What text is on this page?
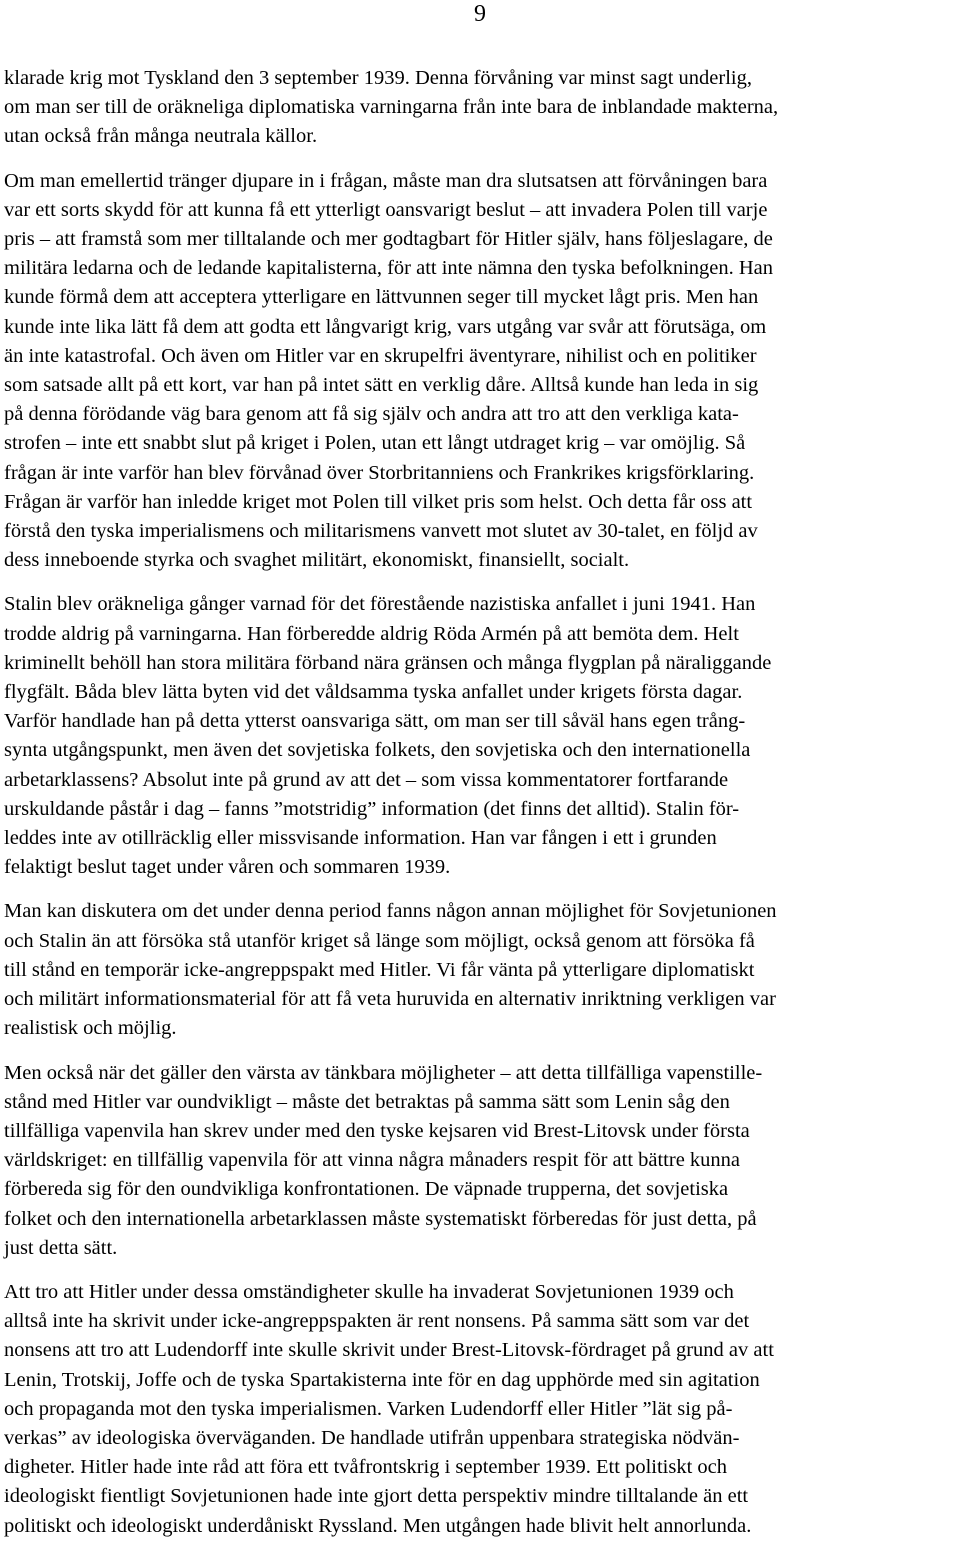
9

klarade krig mot Tyskland den 3 september 1939. Denna förvåning var minst sagt underlig,
om man ser till de oräkneliga diplomatiska varningarna från inte bara de inblandade makterna,
utan också från många neutrala källor.

Om man emellertid tränger djupare in i frågan, måste man dra slutsatsen att förvåningen bara
var ett sorts skydd för att kunna få ett ytterligt oansvarigt beslut – att invadera Polen till varje
pris – att framstå som mer tilltalande och mer godtagbart för Hitler själv, hans följeslagare, de
militära ledarna och de ledande kapitalisterna, för att inte nämna den tyska befolkningen. Han
kunde förmå dem att acceptera ytterligare en lättvunnen seger till mycket lågt pris. Men han
kunde inte lika lätt få dem att godta ett långvarigt krig, vars utgång var svår att förutsäga, om
än inte katastrofal. Och även om Hitler var en skrupelfri äventyrare, nihilist och en politiker
som satsade allt på ett kort, var han på intet sätt en verklig dåre. Alltså kunde han leda in sig
på denna förödande väg bara genom att få sig själv och andra att tro att den verkliga kata-
strofen – inte ett snabbt slut på kriget i Polen, utan ett långt utdraget krig – var omöjlig. Så
frågan är inte varför han blev förvånad över Storbritanniens och Frankrikes krigsförklaring.
Frågan är varför han inledde kriget mot Polen till vilket pris som helst. Och detta får oss att
förstå den tyska imperialismens och militarismens vanvett mot slutet av 30-talet, en följd av
dess inneboende styrka och svaghet militärt, ekonomiskt, finansiellt, socialt.

Stalin blev oräkneliga gånger varnad för det förestående nazistiska anfallet i juni 1941. Han
trodde aldrig på varningarna. Han förberedde aldrig Röda Armén på att bemöta dem. Helt
kriminellt behöll han stora militära förband nära gränsen och många flygplan på näraliggande
flygfält. Båda blev lätta byten vid det våldsamma tyska anfallet under krigets första dagar.
Varför handlade han på detta ytterst oansvariga sätt, om man ser till såväl hans egen trång-
synta utgångspunkt, men även det sovjetiska folkets, den sovjetiska och den internationella
arbetarklassens? Absolut inte på grund av att det – som vissa kommentatorer fortfarande
urskuldande påstår i dag – fanns ”motstridig” information (det finns det alltid). Stalin för-
leddes inte av otillräcklig eller missvisande information. Han var fången i ett i grunden
felaktigt beslut taget under våren och sommaren 1939.

Man kan diskutera om det under denna period fanns någon annan möjlighet för Sovjetunionen
och Stalin än att försöka stå utanför kriget så länge som möjligt, också genom att försöka få
till stånd en temporär icke-angreppspakt med Hitler. Vi får vänta på ytterligare diplomatiskt
och militärt informationsmaterial för att få veta huruvida en alternativ inriktning verkligen var
realistisk och möjlig.

Men också när det gäller den värsta av tänkbara möjligheter – att detta tillfälliga vapenstille-
stånd med Hitler var oundvikligt – måste det betraktas på samma sätt som Lenin såg den
tillfälliga vapenvila han skrev under med den tyske kejsaren vid Brest-Litovsk under första
världskriget: en tillfällig vapenvila för att vinna några månaders respit för att bättre kunna
förbereda sig för den oundvikliga konfrontationen. De väpnade trupperna, det sovjetiska
folket och den internationella arbetarklassen måste systematiskt förberedas för just detta, på
just detta sätt.

Att tro att Hitler under dessa omständigheter skulle ha invaderat Sovjetunionen 1939 och
alltså inte ha skrivit under icke-angreppspakten är rent nonsens. På samma sätt som var det
nonsens att tro att Ludendorff inte skulle skrivit under Brest-Litovsk-fördraget på grund av att
Lenin, Trotskij, Joffe och de tyska Spartakisterna inte för en dag upphörde med sin agitation
och propaganda mot den tyska imperialismen. Varken Ludendorff eller Hitler ”lät sig på-
verkas” av ideologiska överväganden. De handlade utifrån uppenbara strategiska nödvän-
digheter. Hitler hade inte råd att föra ett tvåfrontskrig i september 1939. Ett politiskt och
ideologiskt fientligt Sovjetunionen hade inte gjort detta perspektiv mindre tilltalande än ett
politiskt och ideologiskt underdåniskt Ryssland. Men utgången hade blivit helt annorlunda.
